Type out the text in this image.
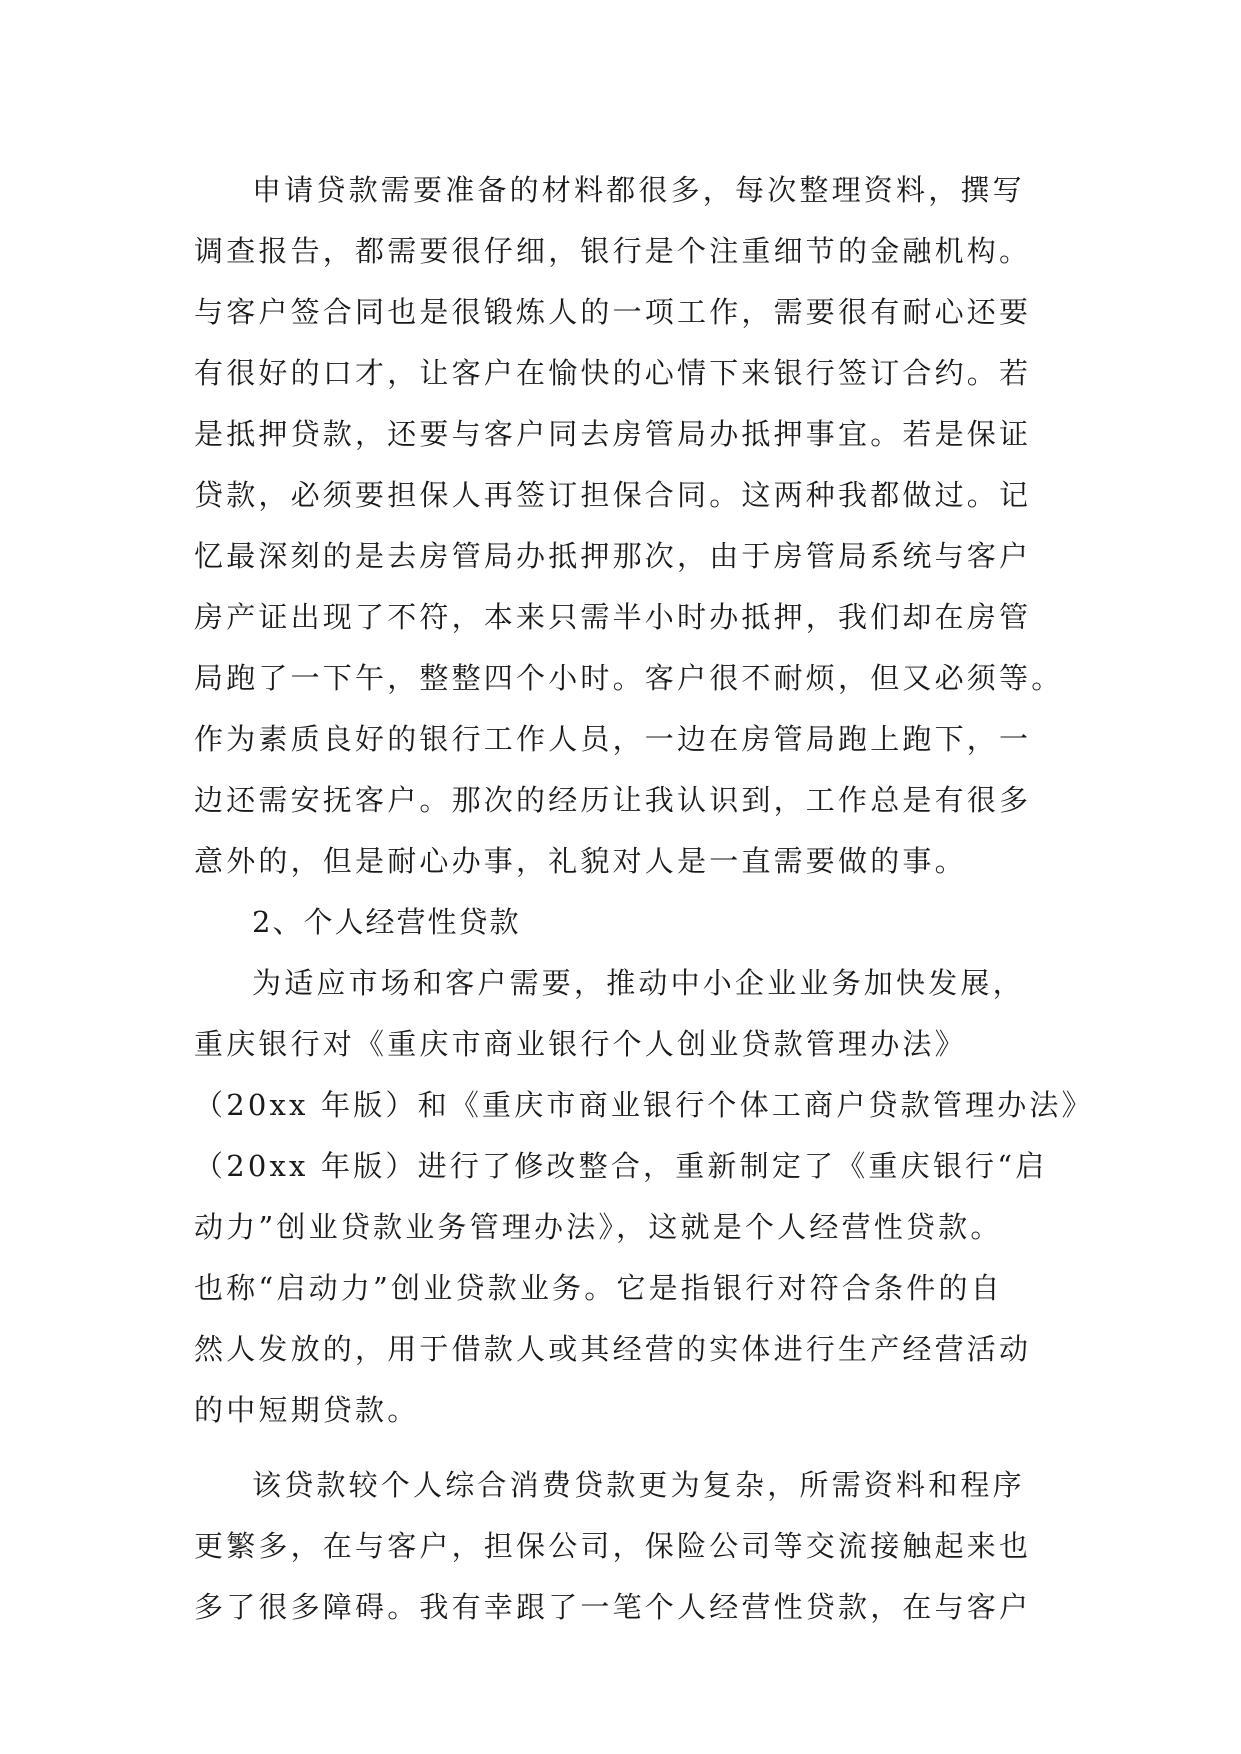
申请贷款需要准备的材料都很多，每次整理资料，撰写
调查报告，都需要很仔细，银行是个注重细节的金融机构。
与客户签合同也是很锻炼人的一项工作，需要很有耐心还要
有很好的口才，让客户在愉快的心情下来银行签订合约。若
是抵押贷款，还要与客户同去房管局办抵押事宜。若是保证
贷款，必须要担保人再签订担保合同。这两种我都做过。记
忆最深刻的是去房管局办抵押那次，由于房管局系统与客户
房产证出现了不符，本来只需半小时办抵押，我们却在房管
局跑了一下午，整整四个小时。客户很不耐烦，但又必须等。
作为素质良好的银行工作人员，一边在房管局跑上跑下，一
边还需安抚客户。那次的经历让我认识到，工作总是有很多
意外的，但是耐心办事，礼貌对人是一直需要做的事。
2、个人经营性贷款
为适应市场和客户需要，推动中小企业业务加快发展，
重庆银行对《重庆市商业银行个人创业贷款管理办法》
（20xx 年版）和《重庆市商业银行个体工商户贷款管理办法》
（20xx 年版）进行了修改整合，重新制定了《重庆银行“启
动力”创业贷款业务管理办法》，这就是个人经营性贷款。
也称“启动力”创业贷款业务。它是指银行对符合条件的自
然人发放的，用于借款人或其经营的实体进行生产经营活动
的中短期贷款。
该贷款较个人综合消费贷款更为复杂，所需资料和程序
更繁多，在与客户，担保公司，保险公司等交流接触起来也
多了很多障碍。我有幸跟了一笔个人经营性贷款，在与客户
